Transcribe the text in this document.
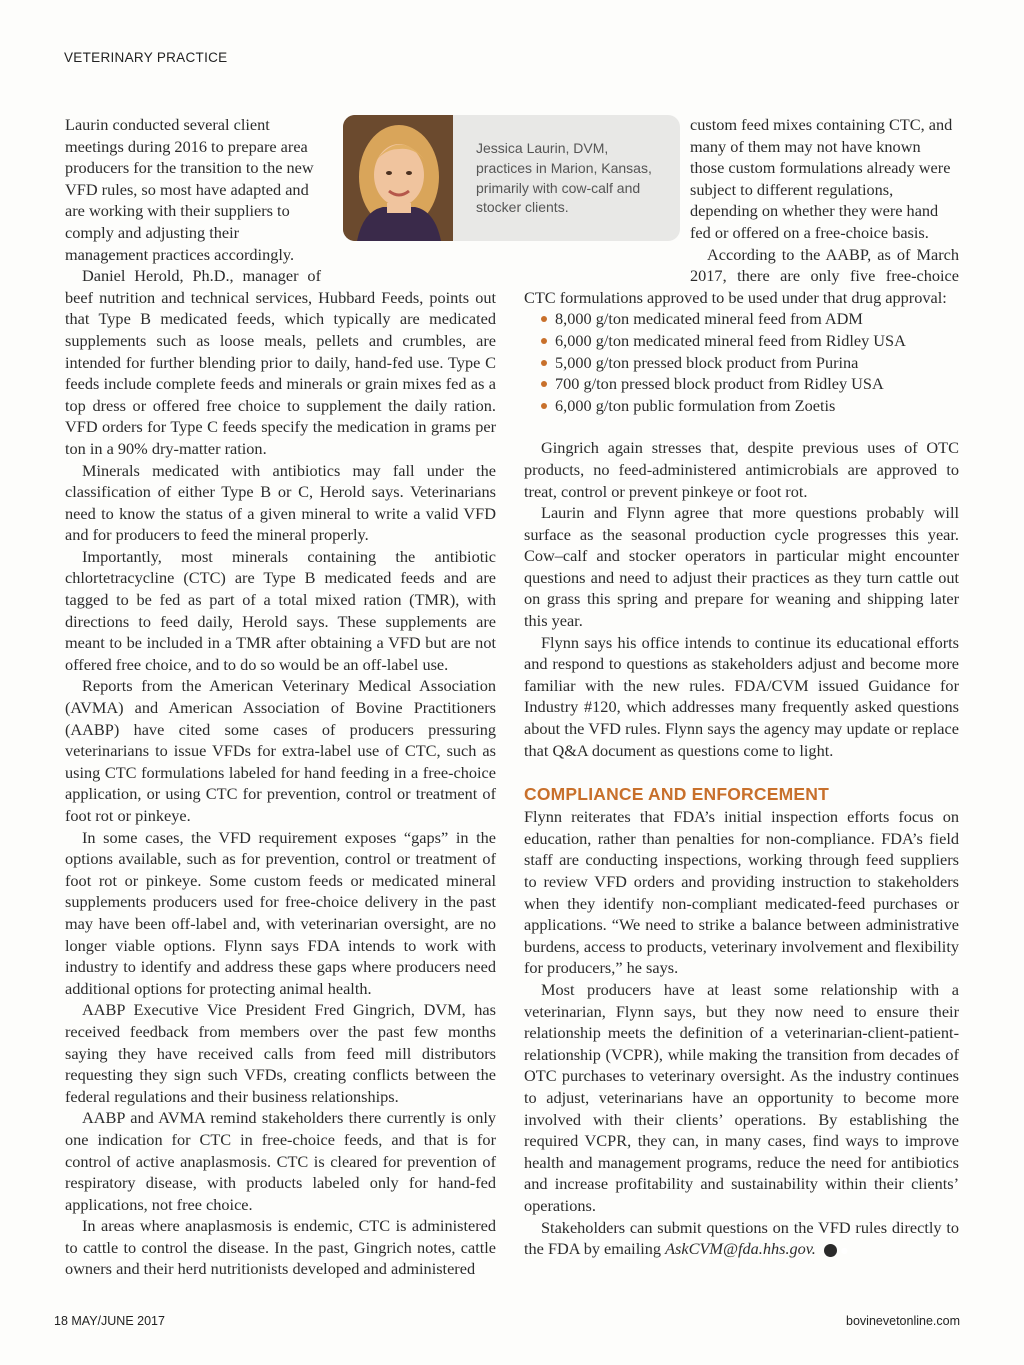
VETERINARY PRACTICE

Laurin conducted several client meetings during 2016 to prepare area producers for the transition to the new VFD rules, so most have adapted and are working with their suppliers to comply and adjusting their management practices accordingly.

Daniel Herold, Ph.D., manager of beef nutrition and technical services, Hubbard Feeds, points out that Type B medicated feeds, which typically are medicated supplements such as loose meals, pellets and crumbles, are intended for further blending prior to daily, hand-fed use. Type C feeds include complete feeds and minerals or grain mixes fed as a top dress or offered free choice to supplement the daily ration. VFD orders for Type C feeds specify the medication in grams per ton in a 90% dry-matter ration.

Minerals medicated with antibiotics may fall under the classification of either Type B or C, Herold says. Veterinarians need to know the status of a given mineral to write a valid VFD and for producers to feed the mineral properly.

Importantly, most minerals containing the antibiotic chlortetracycline (CTC) are Type B medicated feeds and are tagged to be fed as part of a total mixed ration (TMR), with directions to feed daily, Herold says. These supplements are meant to be included in a TMR after obtaining a VFD but are not offered free choice, and to do so would be an off-label use.

Reports from the American Veterinary Medical Association (AVMA) and American Association of Bovine Practitioners (AABP) have cited some cases of producers pressuring veterinarians to issue VFDs for extra-label use of CTC, such as using CTC formulations labeled for hand feeding in a free-choice application, or using CTC for prevention, control or treatment of foot rot or pinkeye.

In some cases, the VFD requirement exposes “gaps” in the options available, such as for prevention, control or treatment of foot rot or pinkeye. Some custom feeds or medicated mineral supplements producers used for free-choice delivery in the past may have been off-label and, with veterinarian oversight, are no longer viable options. Flynn says FDA intends to work with industry to identify and address these gaps where producers need additional options for protecting animal health.

AABP Executive Vice President Fred Gingrich, DVM, has received feedback from members over the past few months saying they have received calls from feed mill distributors requesting they sign such VFDs, creating conflicts between the federal regulations and their business relationships.

AABP and AVMA remind stakeholders there currently is only one indication for CTC in free-choice feeds, and that is for control of active anaplasmosis. CTC is cleared for prevention of respiratory disease, with products labeled only for hand-fed applications, not free choice.

In areas where anaplasmosis is endemic, CTC is administered to cattle to control the disease. In the past, Gingrich notes, cattle owners and their herd nutritionists developed and administered

custom feed mixes containing CTC, and many of them may not have known those custom formulations already were subject to different regulations, depending on whether they were hand fed or offered on a free-choice basis.

According to the AABP, as of March 2017, there are only five free-choice CTC formulations approved to be used under that drug approval:

8,000 g/ton medicated mineral feed from ADM
6,000 g/ton medicated mineral feed from Ridley USA
5,000 g/ton pressed block product from Purina
700 g/ton pressed block product from Ridley USA
6,000 g/ton public formulation from Zoetis

Gingrich again stresses that, despite previous uses of OTC products, no feed-administered antimicrobials are approved to treat, control or prevent pinkeye or foot rot.

Laurin and Flynn agree that more questions probably will surface as the seasonal production cycle progresses this year. Cow–calf and stocker operators in particular might encounter questions and need to adjust their practices as they turn cattle out on grass this spring and prepare for weaning and shipping later this year.

Flynn says his office intends to continue its educational efforts and respond to questions as stakeholders adjust and become more familiar with the new rules. FDA/CVM issued Guidance for Industry #120, which addresses many frequently asked questions about the VFD rules. Flynn says the agency may update or replace that Q&A document as questions come to light.

COMPLIANCE AND ENFORCEMENT

Flynn reiterates that FDA’s initial inspection efforts focus on education, rather than penalties for non-compliance. FDA’s field staff are conducting inspections, working through feed suppliers to review VFD orders and providing instruction to stakeholders when they identify non-compliant medicated-feed purchases or applications. “We need to strike a balance between administrative burdens, access to products, veterinary involvement and flexibility for producers,” he says.

Most producers have at least some relationship with a veterinarian, Flynn says, but they now need to ensure their relationship meets the definition of a veterinarian-client-patient-relationship (VCPR), while making the transition from decades of OTC purchases to veterinary oversight. As the industry continues to adjust, veterinarians have an opportunity to become more involved with their clients’ operations. By establishing the required VCPR, they can, in many cases, find ways to improve health and management programs, reduce the need for antibiotics and increase profitability and sustainability within their clients’ operations.

Stakeholders can submit questions on the VFD rules directly to the FDA by emailing AskCVM@fda.hhs.gov.	●

Jessica Laurin, DVM, practices in Marion, Kansas, primarily with cow-calf and stocker clients.
18 MAY/JUNE 2017	bovinevetonline.com
